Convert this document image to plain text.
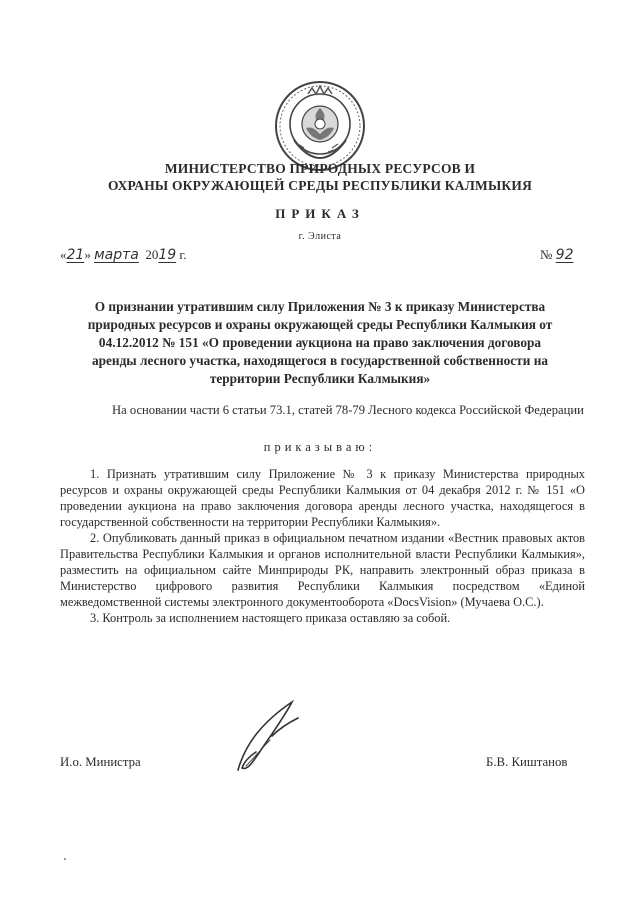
МИНИСТЕРСТВО ПРИРОДНЫХ РЕСУРСОВ И
ОХРАНЫ ОКРУЖАЮЩЕЙ СРЕДЫ РЕСПУБЛИКИ КАЛМЫКИЯ
ПРИКАЗ
г. Элиста
«21» марта 2019 г.	№ 92
О признании утратившим силу Приложения № 3 к приказу Министерства природных ресурсов и охраны окружающей среды Республики Калмыкия от 04.12.2012 № 151 «О проведении аукциона на право заключения договора аренды лесного участка, находящегося в государственной собственности на территории Республики Калмыкия»
На основании части 6 статьи 73.1, статей 78-79 Лесного кодекса Российской Федерации
приказываю:

1. Признать утратившим силу Приложение № 3 к приказу Министерства природных ресурсов и охраны окружающей среды Республики Калмыкия от 04 декабря 2012 г. № 151 «О проведении аукциона на право заключения договора аренды лесного участка, находящегося в государственной собственности на территории Республики Калмыкия».

2. Опубликовать данный приказ в официальном печатном издании «Вестник правовых актов Правительства Республики Калмыкия и органов исполнительной власти Республики Калмыкия», разместить на официальном сайте Минприроды РК, направить электронный образ приказа в Министерство цифрового развития Республики Калмыкия посредством «Единой межведомственной системы электронного документооборота «DocsVision» (Мучаева О.С.).

3. Контроль за исполнением настоящего приказа оставляю за собой.

И.о. Министра	Б.В. Киштанов
